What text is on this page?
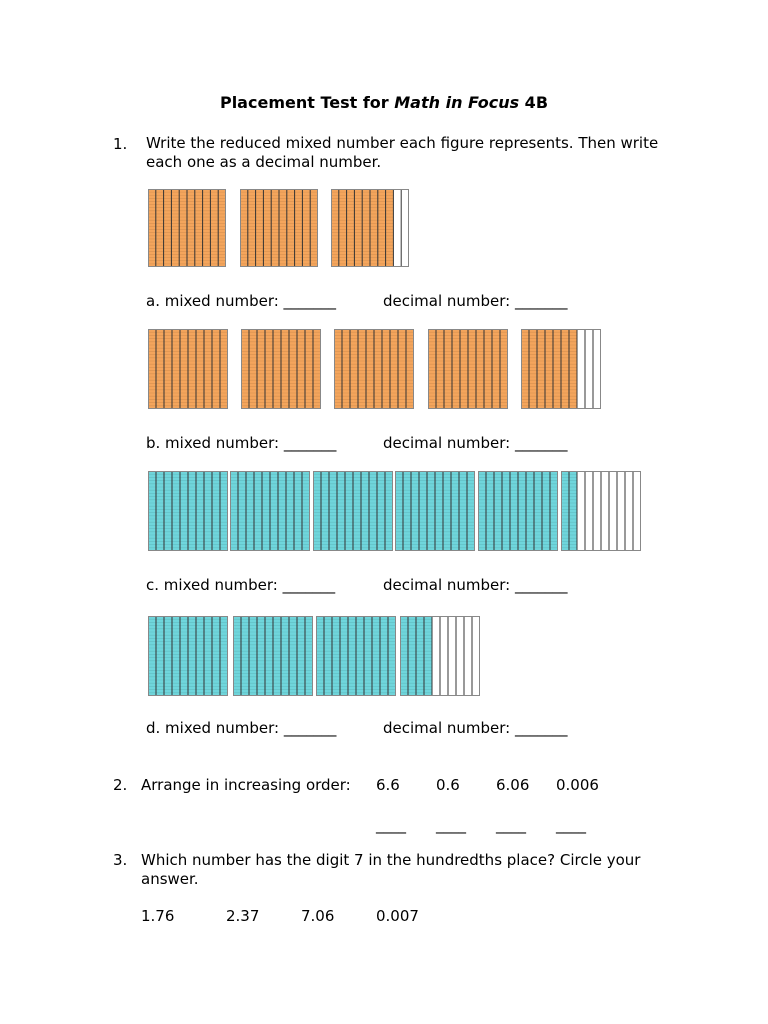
Placement Test for Math in Focus 4B
1. Write the reduced mixed number each figure represents. Then write each one as a decimal number.
a. mixed number: _______	decimal number: _______
b. mixed number: _______	decimal number: _______
c. mixed number: _______	decimal number: _______
d. mixed number: _______	decimal number: _______
2. Arrange in increasing order: 6.6 0.6 6.06 0.006
____ ____ ____ ____
3. Which number has the digit 7 in the hundredths place? Circle your answer.
1.76	2.37	7.06	0.007
